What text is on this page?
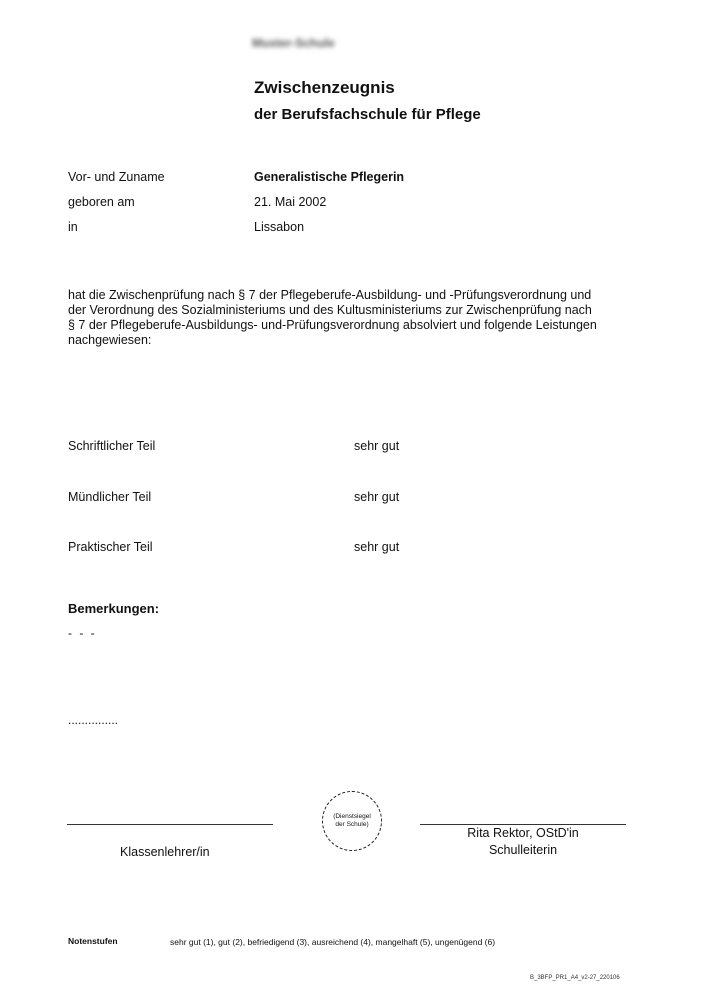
Muster-Schule
Zwischenzeugnis
der Berufsfachschule für Pflege
Vor- und Zuname	Generalistische Pflegerin
geboren am	21. Mai 2002
in	Lissabon
hat die Zwischenprüfung nach § 7 der Pflegeberufe-Ausbildung- und -Prüfungsverordnung und
der Verordnung des Sozialministeriums und des Kultusministeriums zur Zwischenprüfung nach
§ 7 der Pflegeberufe-Ausbildungs- und-Prüfungsverordnung absolviert und folgende Leistungen
nachgewiesen:
Schriftlicher Teil	sehr gut
Mündlicher Teil	sehr gut
Praktischer Teil	sehr gut
Bemerkungen:
- - -
...............
Klassenlehrer/in
(Dienstsiegel
der Schule)
Rita Rektor, OStD'in
Schulleiterin
Notenstufen	sehr gut (1), gut (2), befriedigend (3), ausreichend (4), mangelhaft (5), ungenügend (6)
B_3BFP_PR1_A4_v2-27_220106
